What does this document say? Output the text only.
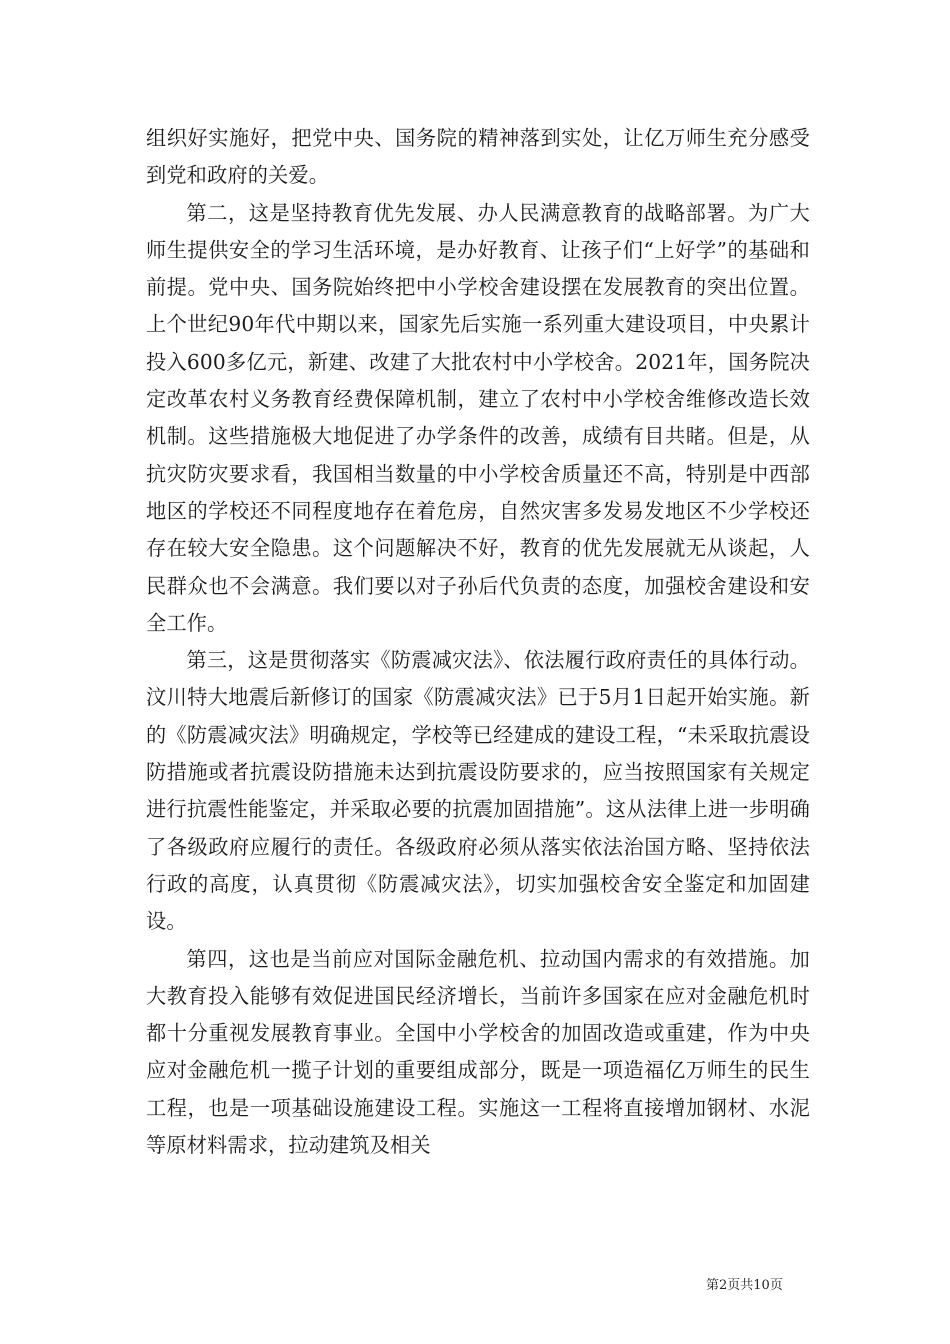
组织好实施好，把党中央、国务院的精神落到实处，让亿万师生充分感受到党和政府的关爱。

第二，这是坚持教育优先发展、办人民满意教育的战略部署。为广大师生提供安全的学习生活环境，是办好教育、让孩子们“上好学”的基础和前提。党中央、国务院始终把中小学校舍建设摆在发展教育的突出位置。上个世纪90年代中期以来，国家先后实施一系列重大建设项目，中央累计投入600多亿元，新建、改建了大批农村中小学校舍。2021年，国务院决定改革农村义务教育经费保障机制，建立了农村中小学校舍维修改造长效机制。这些措施极大地促进了办学条件的改善，成绩有目共睹。但是，从抗灾防灾要求看，我国相当数量的中小学校舍质量还不高，特别是中西部地区的学校还不同程度地存在着危房，自然灾害多发易发地区不少学校还存在较大安全隐患。这个问题解决不好，教育的优先发展就无从谈起，人民群众也不会满意。我们要以对子孙后代负责的态度，加强校舍建设和安全工作。

第三，这是贯彻落实《防震减灾法》、依法履行政府责任的具体行动。汶川特大地震后新修订的国家《防震减灾法》已于5月1日起开始实施。新的《防震减灾法》明确规定，学校等已经建成的建设工程，“未采取抗震设防措施或者抗震设防措施未达到抗震设防要求的，应当按照国家有关规定进行抗震性能鉴定，并采取必要的抗震加固措施”。这从法律上进一步明确了各级政府应履行的责任。各级政府必须从落实依法治国方略、坚持依法行政的高度，认真贯彻《防震减灾法》，切实加强校舍安全鉴定和加固建设。

第四，这也是当前应对国际金融危机、拉动国内需求的有效措施。加大教育投入能够有效促进国民经济增长，当前许多国家在应对金融危机时都十分重视发展教育事业。全国中小学校舍的加固改造或重建，作为中央应对金融危机一揽子计划的重要组成部分，既是一项造福亿万师生的民生工程，也是一项基础设施建设工程。实施这一工程将直接增加钢材、水泥等原材料需求，拉动建筑及相关

第2页共10页
